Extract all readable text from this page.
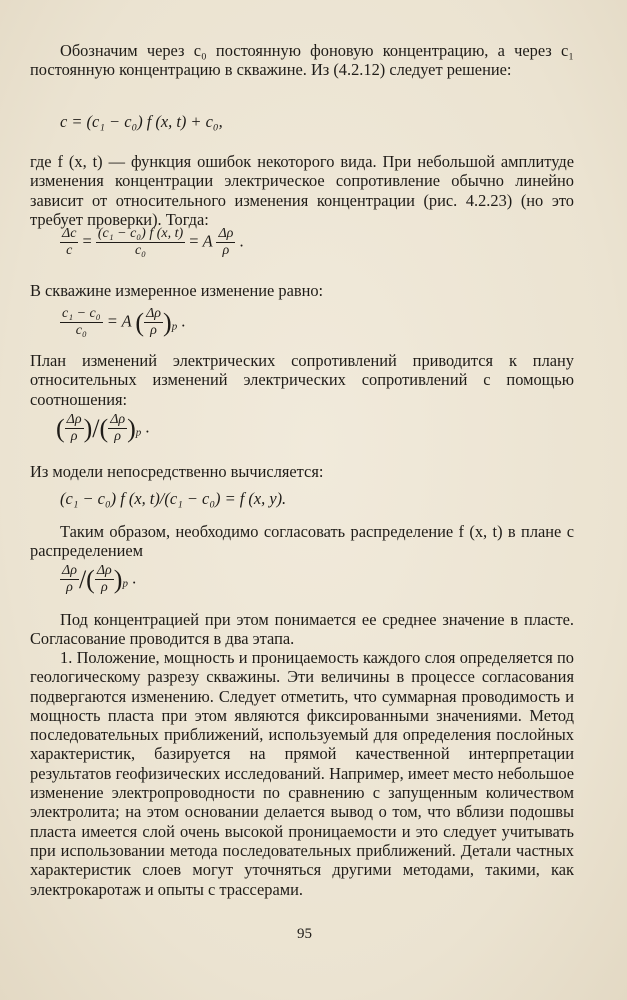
Обозначим через c₀ постоянную фоновую концентрацию, а через c₁ постоянную концентрацию в скважине. Из (4.2.12) следует решение:

c = (c₁ − c₀) f (x, t) + c₀,

где f (x, t) — функция ошибок некоторого вида. При небольшой амплитуде изменения концентрации электрическое сопротивление обычно линейно зависит от относительного изменения концентрации (рис. 4.2.23) (но это требует проверки). Тогда:

$\frac{\Delta c}{c} = \frac{\text{(c₁ − c₀) f (x, t)}}{\text{c₀}} = A \frac{\Delta\rho}{\rho}$ .

В скважине измеренное изменение равно:

$\frac{\text{c₁ − c₀}}{\text{c₀}} = A$ ( $\frac{\Delta\rho}{\rho} )_p$ .

План изменений электрических сопротивлений приводится к плану относительных изменений электрических сопротивлений с помощью соотношения:

( $\frac{\Delta\rho}{\rho}$ )/( $\frac{\Delta\rho}{\rho} )_p$ .

Из модели непосредственно вычисляется:

(c₁ − c₀) f (x, t)/(c₁ − c₀) = f (x, y).

Таким образом, необходимо согласовать распределение f (x, t) в плане с распределением

$\frac{\Delta\rho}{\rho}$ /( $\frac{\Delta\rho}{\rho} )_p$ .

Под концентрацией при этом понимается ее среднее значение в пласте. Согласование проводится в два этапа.

1. Положение, мощность и проницаемость каждого слоя определяется по геологическому разрезу скважины. Эти величины в процессе согласования подвергаются изменению. Следует отметить, что суммарная проводимость и мощность пласта при этом являются фиксированными значениями. Метод последовательных приближений, используемый для определения послойных характеристик, базируется на прямой качественной интерпретации результатов геофизических исследований. Например, имеет место небольшое изменение электропроводности по сравнению с запущенным количеством электролита; на этом основании делается вывод о том, что вблизи подошвы пласта имеется слой очень высокой проницаемости и это следует учитывать при использовании метода последовательных приближений. Детали частных характеристик слоев могут уточняться другими методами, такими, как электрокаротаж и опыты с трассерами.

95
